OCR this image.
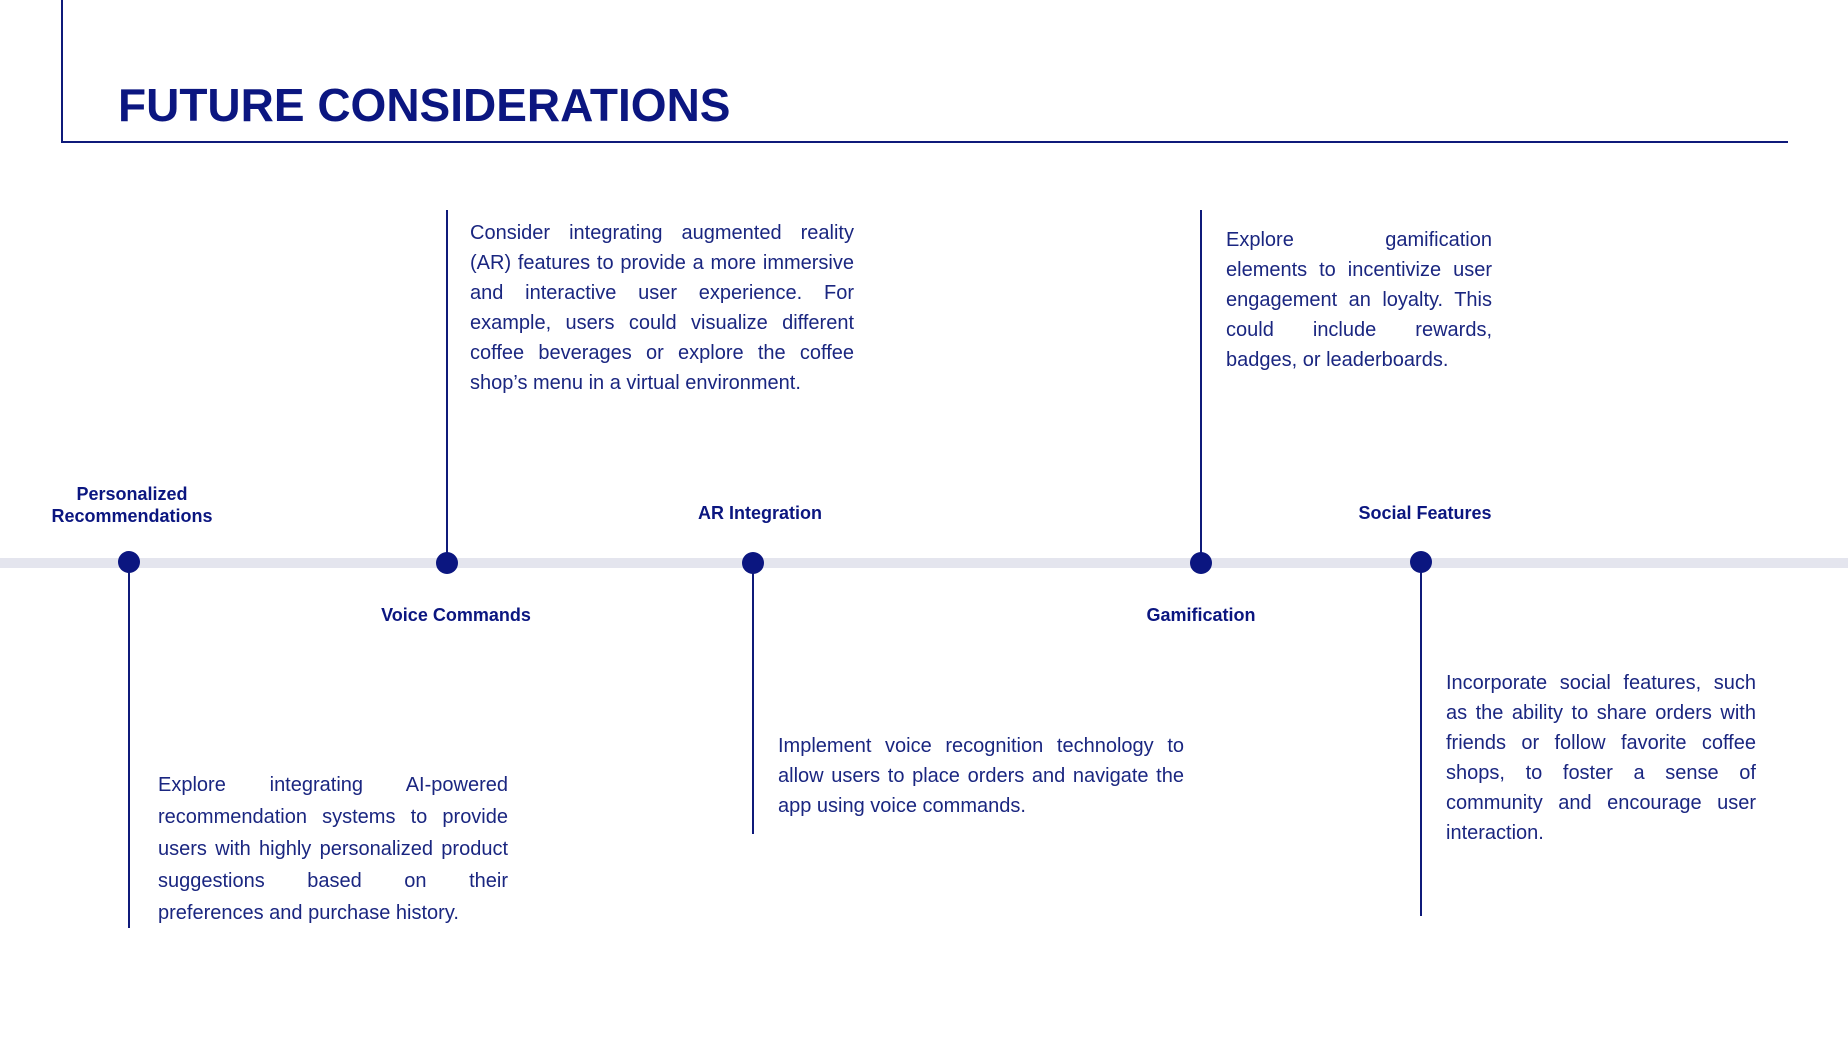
FUTURE CONSIDERATIONS
Personalized
Recommendations

Explore integrating AI-powered recommendation systems to provide users with highly personalized product suggestions based on their preferences and purchase history.

Voice Commands

Consider integrating augmented reality (AR) features to provide a more immersive and interactive user experience. For example, users could visualize different coffee beverages or explore the coffee shop’s menu in a virtual environment.

AR Integration

Implement voice recognition technology to allow users to place orders and navigate the app using voice commands.

Gamification

Explore gamification elements to incentivize user engagement an loyalty. This could include rewards, badges, or leaderboards.

Social Features

Incorporate social features, such as the ability to share orders with friends or follow favorite coffee shops, to foster a sense of community and encourage user interaction.
